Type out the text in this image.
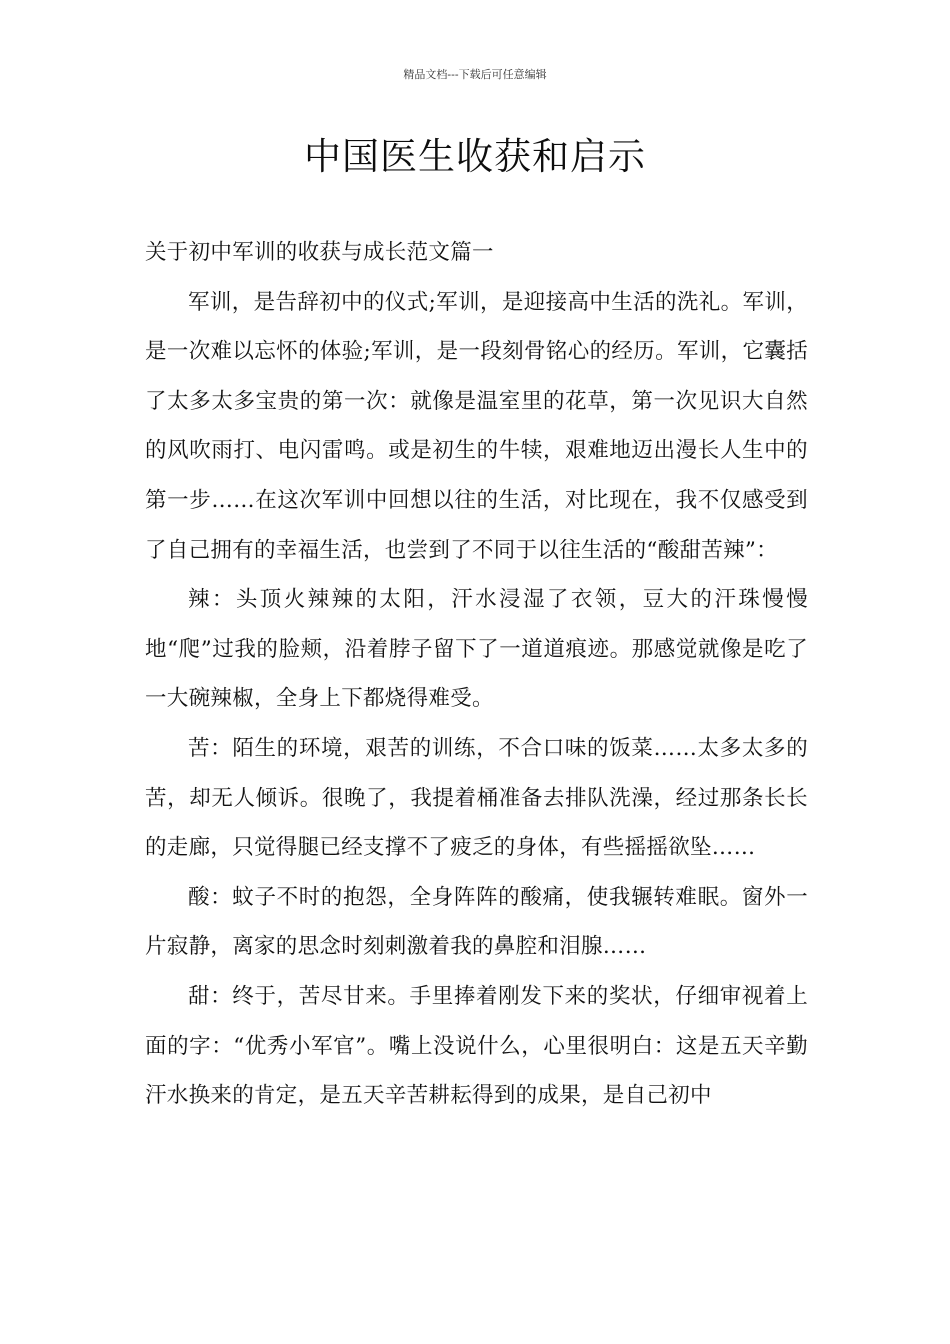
精品文档---下载后可任意编辑
中国医生收获和启示

关于初中军训的收获与成长范文篇一

军训，是告辞初中的仪式;军训，是迎接高中生活的洗礼。军训，是一次难以忘怀的体验;军训，是一段刻骨铭心的经历。军训，它囊括了太多太多宝贵的第一次：就像是温室里的花草，第一次见识大自然的风吹雨打、电闪雷鸣。或是初生的牛犊，艰难地迈出漫长人生中的第一步……在这次军训中回想以往的生活，对比现在，我不仅感受到了自己拥有的幸福生活，也尝到了不同于以往生活的“酸甜苦辣”：

辣：头顶火辣辣的太阳，汗水浸湿了衣领，豆大的汗珠慢慢地“爬”过我的脸颊，沿着脖子留下了一道道痕迹。那感觉就像是吃了一大碗辣椒，全身上下都烧得难受。

苦：陌生的环境，艰苦的训练，不合口味的饭菜……太多太多的苦，却无人倾诉。很晚了，我提着桶准备去排队洗澡，经过那条长长的走廊，只觉得腿已经支撑不了疲乏的身体，有些摇摇欲坠……

酸：蚊子不时的抱怨，全身阵阵的酸痛，使我辗转难眠。窗外一片寂静，离家的思念时刻刺激着我的鼻腔和泪腺……

甜：终于，苦尽甘来。手里捧着刚发下来的奖状，仔细审视着上面的字：“优秀小军官”。嘴上没说什么，心里很明白：这是五天辛勤汗水换来的肯定，是五天辛苦耕耘得到的成果，是自己初中
